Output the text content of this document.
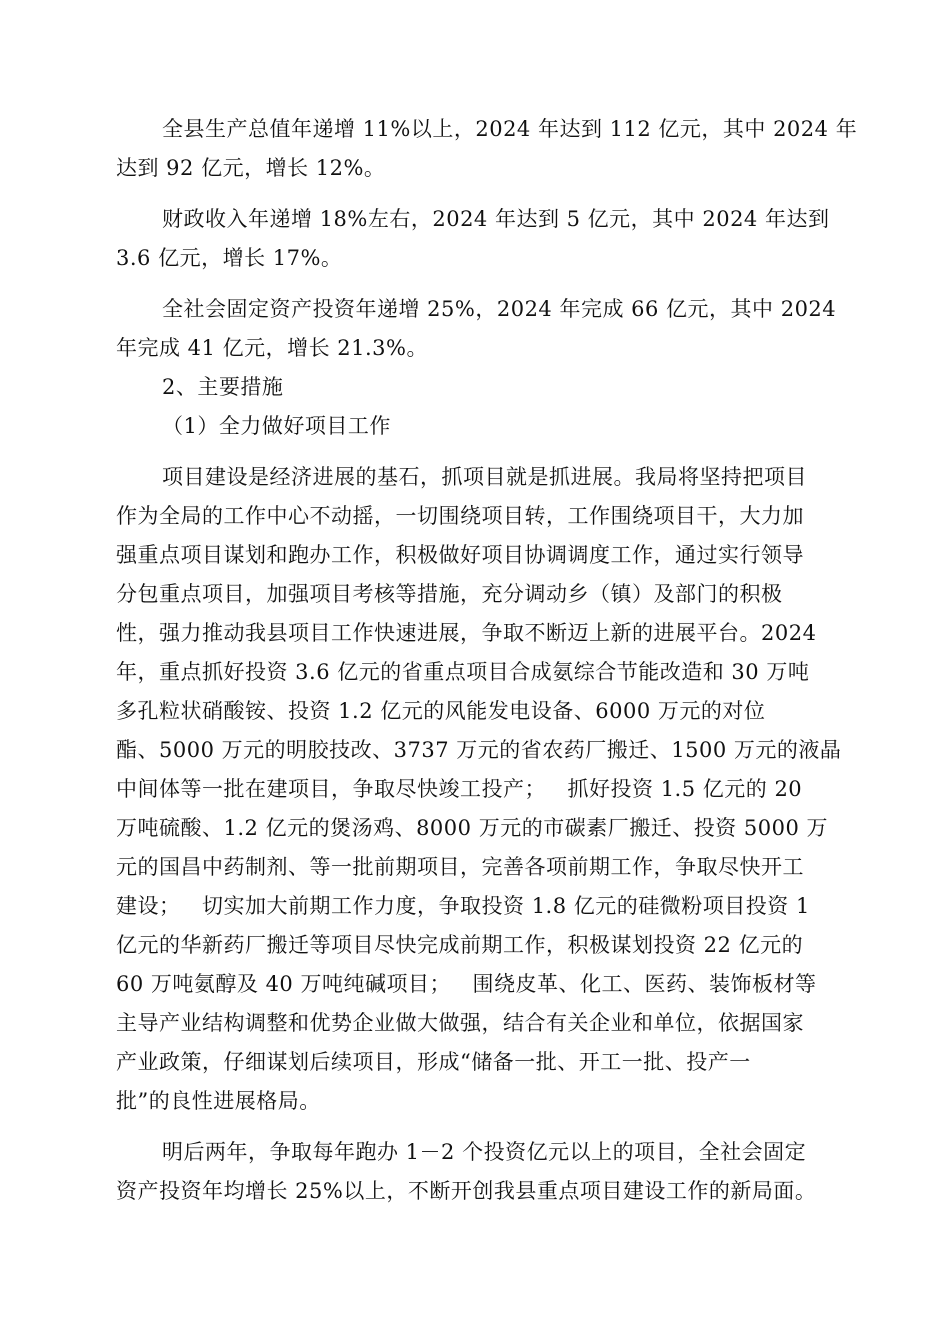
全县生产总值年递增 11%以上，2024 年达到 112 亿元，其中 2024 年
达到 92 亿元，增长 12%。

财政收入年递增 18%左右，2024 年达到 5 亿元，其中 2024 年达到
3.6 亿元，增长 17%。

全社会固定资产投资年递增 25%，2024 年完成 66 亿元，其中 2024
年完成 41 亿元，增长 21.3%。

2、主要措施

（1）全力做好项目工作

项目建设是经济进展的基石，抓项目就是抓进展。我局将坚持把项目
作为全局的工作中心不动摇，一切围绕项目转，工作围绕项目干，大力加
强重点项目谋划和跑办工作，积极做好项目协调调度工作，通过实行领导
分包重点项目，加强项目考核等措施，充分调动乡（镇）及部门的积极
性，强力推动我县项目工作快速进展，争取不断迈上新的进展平台。2024
年，重点抓好投资 3.6 亿元的省重点项目合成氨综合节能改造和 30 万吨
多孔粒状硝酸铵、投资 1.2 亿元的风能发电设备、6000 万元的对位
酯、5000 万元的明胶技改、3737 万元的省农药厂搬迁、1500 万元的液晶
中间体等一批在建项目，争取尽快竣工投产；   抓好投资 1.5 亿元的 20
万吨硫酸、1.2 亿元的煲汤鸡、8000 万元的市碳素厂搬迁、投资 5000 万
元的国昌中药制剂、等一批前期项目，完善各项前期工作，争取尽快开工
建设；   切实加大前期工作力度，争取投资 1.8 亿元的硅微粉项目投资 1
亿元的华新药厂搬迁等项目尽快完成前期工作，积极谋划投资 22 亿元的
60 万吨氨醇及 40 万吨纯碱项目；   围绕皮革、化工、医药、装饰板材等
主导产业结构调整和优势企业做大做强，结合有关企业和单位，依据国家
产业政策，仔细谋划后续项目，形成“储备一批、开工一批、投产一
批”的良性进展格局。

明后两年，争取每年跑办 1－2 个投资亿元以上的项目，全社会固定
资产投资年均增长 25%以上，不断开创我县重点项目建设工作的新局面。
